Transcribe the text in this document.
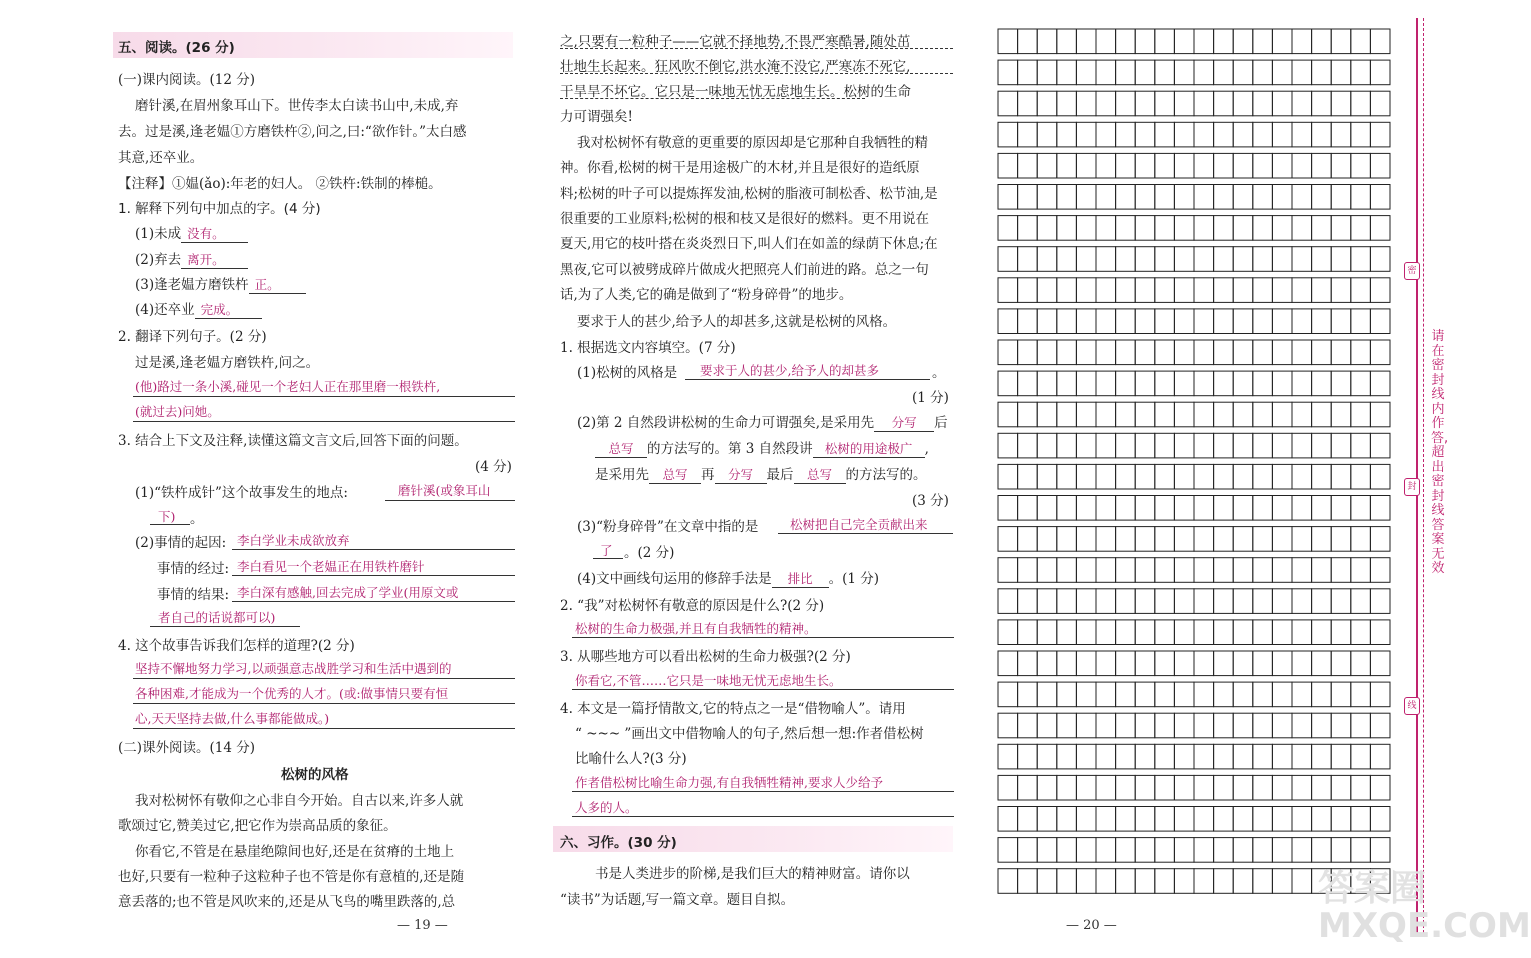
五、阅读。(26 分)
(一)课内阅读。(12 分)
磨针溪,在眉州象耳山下。世传李太白读书山中,未成,弃
去。过是溪,逢老媪①方磨铁杵②,问之,曰:“欲作针。”太白感
其意,还卒业。
【注释】①媪(ǎo):年老的妇人。 ②铁杵:铁制的棒槌。
1. 解释下列句中加点的字。(4 分)
(1)未成 没有。
(2)弃去 离开。
(3)逢老媪方磨铁杵 正。
(4)还卒业 完成。
2. 翻译下列句子。(2 分)
过是溪,逢老媪方磨铁杵,问之。
(他)路过一条小溪,碰见一个老妇人正在那里磨一根铁杵,
(就过去)问她。
3. 结合上下文及注释,读懂这篇文言文后,回答下面的问题。
(4 分)
(1)“铁杵成针”这个故事发生的地点:	磨针溪(或象耳山
下) 。
(2)事情的起因: 李白学业未成欲放弃
事情的经过: 李白看见一个老媪正在用铁杵磨针
事情的结果: 李白深有感触,回去完成了学业(用原文或
者自己的话说都可以)
4. 这个故事告诉我们怎样的道理?(2 分)
坚持不懈地努力学习,以顽强意志战胜学习和生活中遇到的
各种困难,才能成为一个优秀的人才。(或:做事情只要有恒
心,天天坚持去做,什么事都能做成。)
(二)课外阅读。(14 分)
松树的风格
我对松树怀有敬仰之心非自今开始。自古以来,许多人就
歌颂过它,赞美过它,把它作为崇高品质的象征。
你看它,不管是在悬崖绝隙间也好,还是在贫瘠的土地上
也好,只要有一粒种子这粒种子也不管是你有意植的,还是随
意丢落的;也不管是风吹来的,还是从飞鸟的嘴里跌落的,总
— 19 —
之,只要有一粒种子——它就不择地势,不畏严寒酷暑,随处茁
壮地生长起来。狂风吹不倒它,洪水淹不没它,严寒冻不死它,
干旱旱不坏它。它只是一味地无忧无虑地生长。松树的生命
力可谓强矣!
我对松树怀有敬意的更重要的原因却是它那种自我牺牲的精
神。你看,松树的树干是用途极广的木材,并且是很好的造纸原
料;松树的叶子可以提炼挥发油,松树的脂液可制松香、松节油,是
很重要的工业原料;松树的根和枝又是很好的燃料。更不用说在
夏天,用它的枝叶搭在炎炎烈日下,叫人们在如盖的绿荫下休息;在
黑夜,它可以被劈成碎片做成火把照亮人们前进的路。总之一句
话,为了人类,它的确是做到了“粉身碎骨”的地步。
要求于人的甚少,给予人的却甚多,这就是松树的风格。
1. 根据选文内容填空。(7 分)
(1)松树的风格是 要求于人的甚少,给予人的却甚多	。
(1 分)
(2)第 2 自然段讲松树的生命力可谓强矣,是采用先 分写 后
总写 的方法写的。第 3 自然段讲 松树的用途极广 ,
是采用先 总写 再 分写 最后 总写 的方法写的。
(3 分)
(3)“粉身碎骨”在文章中指的是	松树把自己完全贡献出来
了 。(2 分)
(4)文中画线句运用的修辞手法是 排比 。(1 分)
2. “我”对松树怀有敬意的原因是什么?(2 分)
松树的生命力极强,并且有自我牺牲的精神。
3. 从哪些地方可以看出松树的生命力极强?(2 分)
你看它,不管……它只是一味地无忧无虑地生长。
4. 本文是一篇抒情散文,它的特点之一是“借物喻人”。请用
“ ~~~ ”画出文中借物喻人的句子,然后想一想:作者借松树
比喻什么人?(3 分)
作者借松树比喻生命力强,有自我牺牲精神,要求人少给予
人多的人。
六、习作。(30 分)
书是人类进步的阶梯,是我们巨大的精神财富。请你以
“读书”为话题,写一篇文章。题目自拟。
— 20 —
密
封
线
请在密封线内作答,超出密封线答案无效
答案圈
MXQE.COM
